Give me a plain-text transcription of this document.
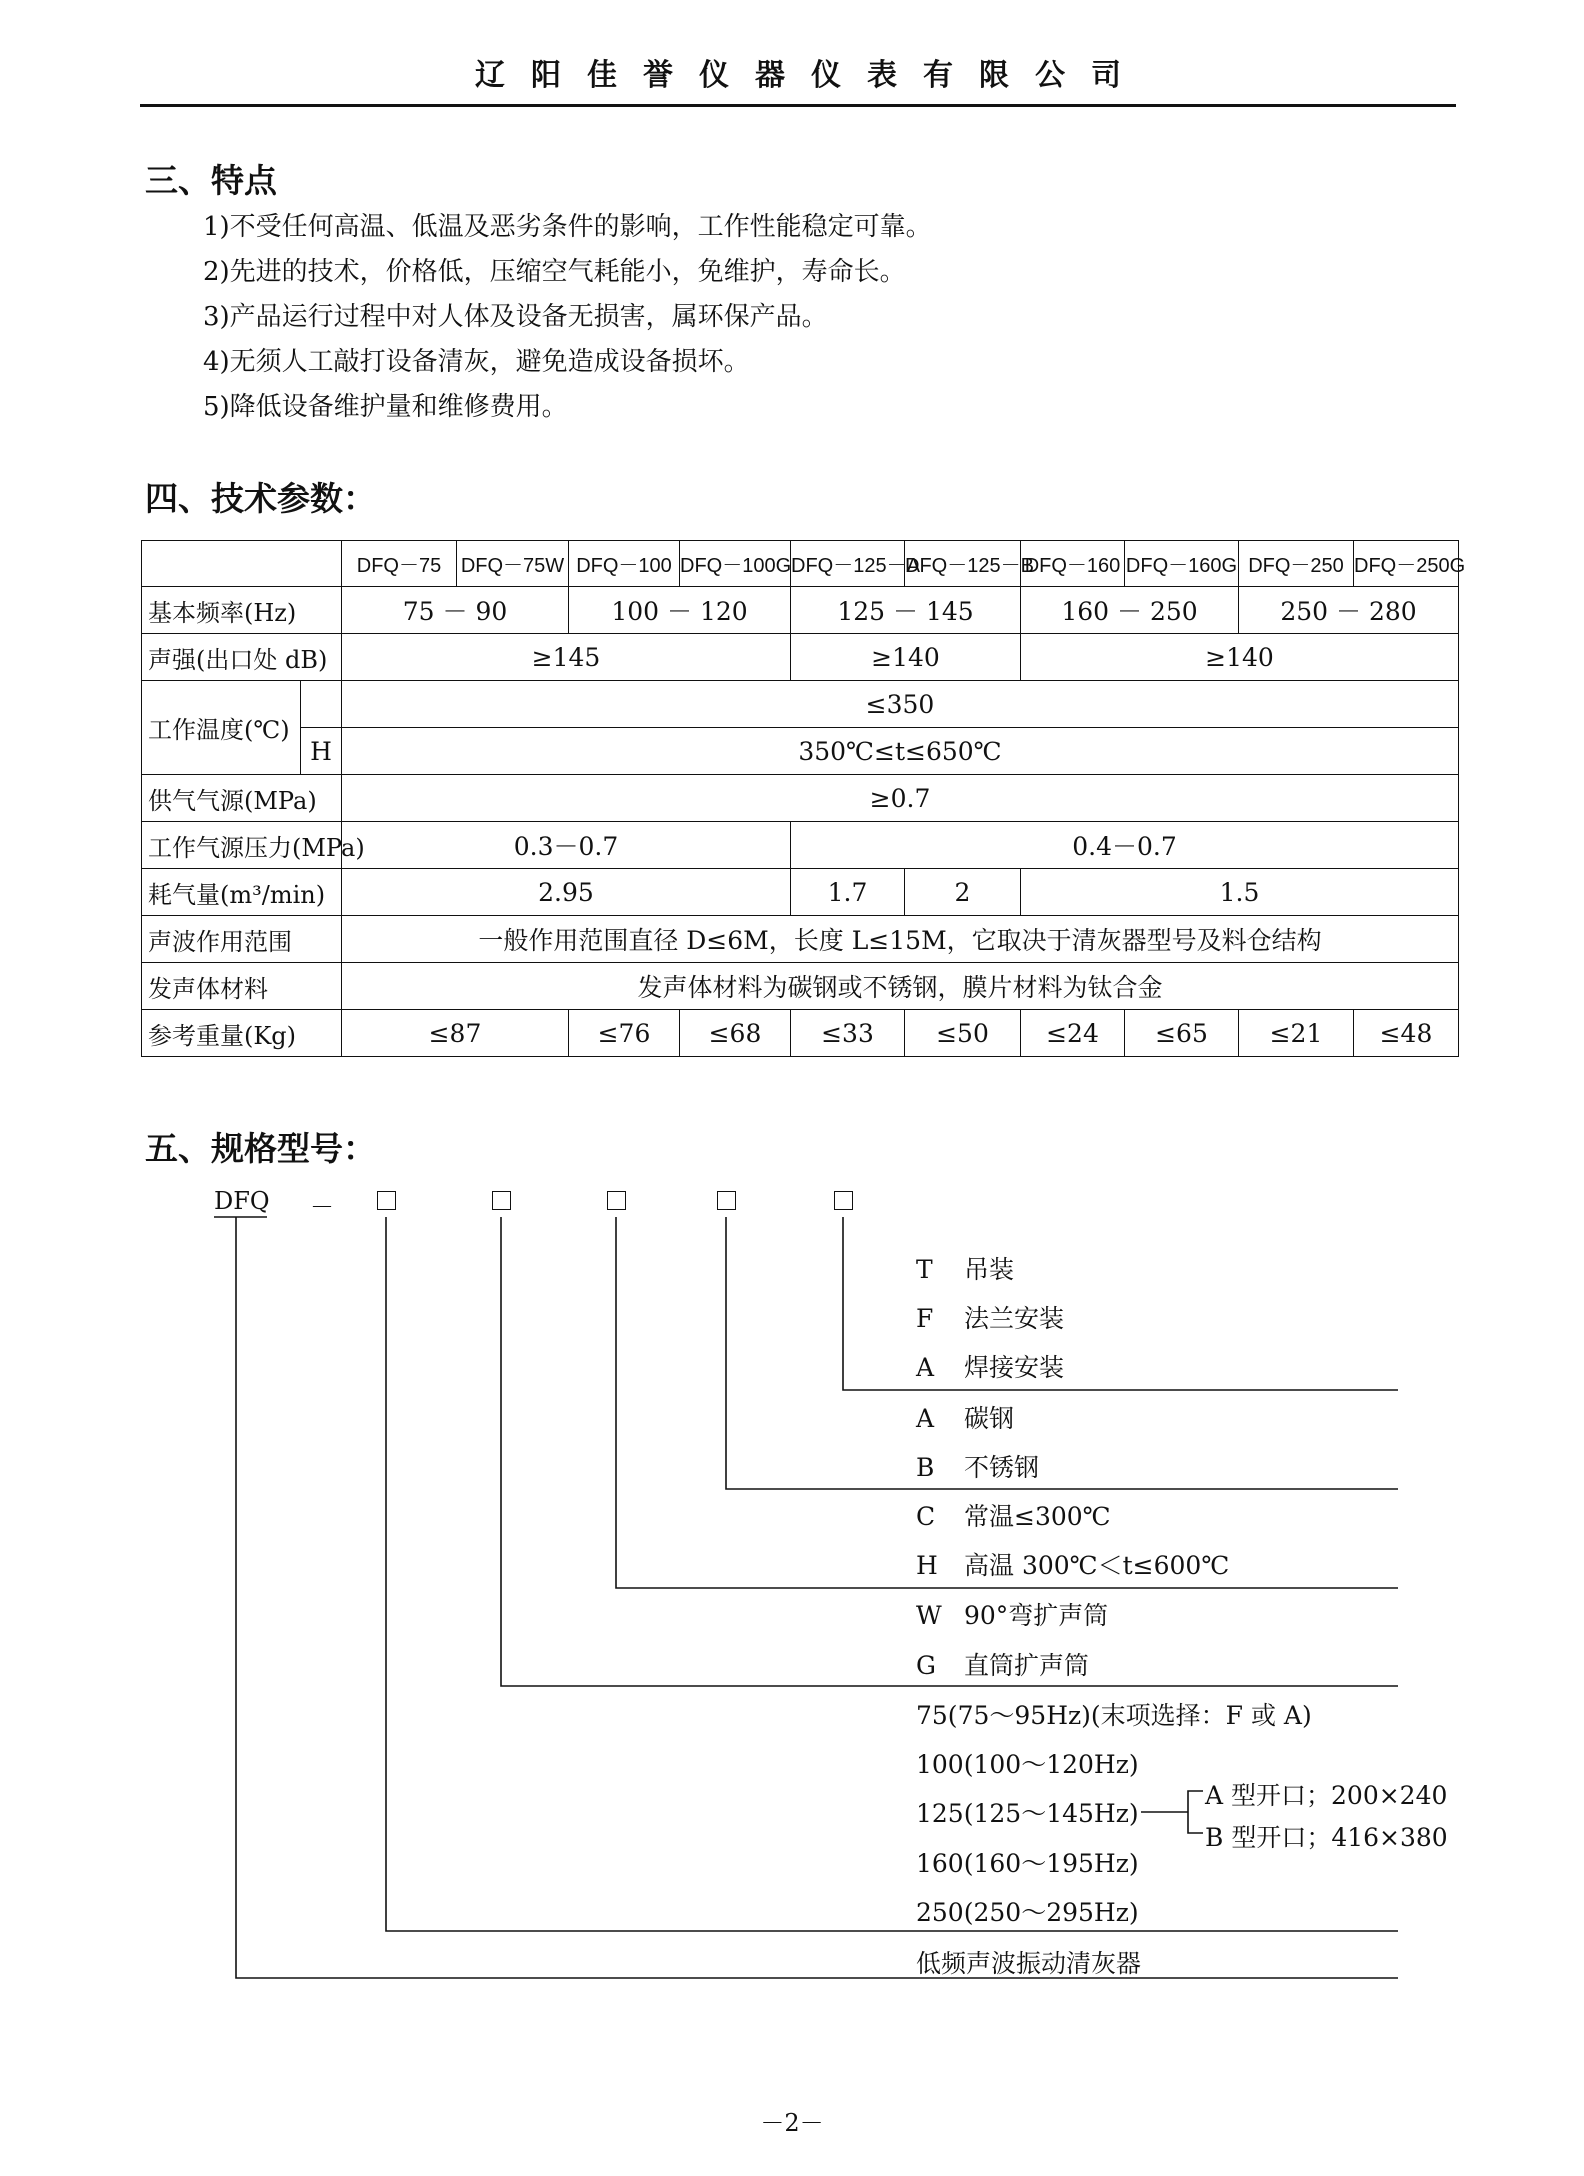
辽阳佳誉仪器仪表有限公司
三、特点
1)不受任何高温、低温及恶劣条件的影响，工作性能稳定可靠。
2)先进的技术，价格低，压缩空气耗能小，免维护，寿命长。
3)产品运行过程中对人体及设备无损害，属环保产品。
4)无须人工敲打设备清灰，避免造成设备损坏。
5)降低设备维护量和维修费用。
四、技术参数：
		DFQ－75	DFQ－75W	DFQ－100	DFQ－100G	DFQ－125－A	DFQ－125－B	DFQ－160	DFQ－160G	DFQ－250	DFQ－250G
基本频率(Hz)		75 － 90		100 － 120		125 － 145		160 － 250		250 － 280	
声强(出口处 dB)		≥145				≥140		≥140			
工作温度(℃)		≤350									
	H	350℃≤t≤650℃									
供气气源(MPa)		≥0.7									
工作气源压力(MPa)		0.3－0.7				0.4－0.7					
耗气量(m³/min)		2.95				1.7	2	1.5			
声波作用范围		一般作用范围直径 D≤6M，长度 L≤15M，它取决于清灰器型号及料仓结构									
发声体材料		发声体材料为碳钢或不锈钢，膜片材料为钛合金									
参考重量(Kg)		≤87		≤76	≤68	≤33	≤50	≤24	≤65	≤21	≤48
五、规格型号：
DFQ －
T 吊装
F 法兰安装
A 焊接安装
A 碳钢
B 不锈钢
C 常温≤300℃
H 高温 300℃＜t≤600℃
W 90°弯扩声筒
G 直筒扩声筒
75(75～95Hz)(末项选择：F 或 A)
100(100～120Hz)
125(125～145Hz)
160(160～195Hz)
250(250～295Hz)
A 型开口；200×240
B 型开口；416×380
低频声波振动清灰器
－2－
